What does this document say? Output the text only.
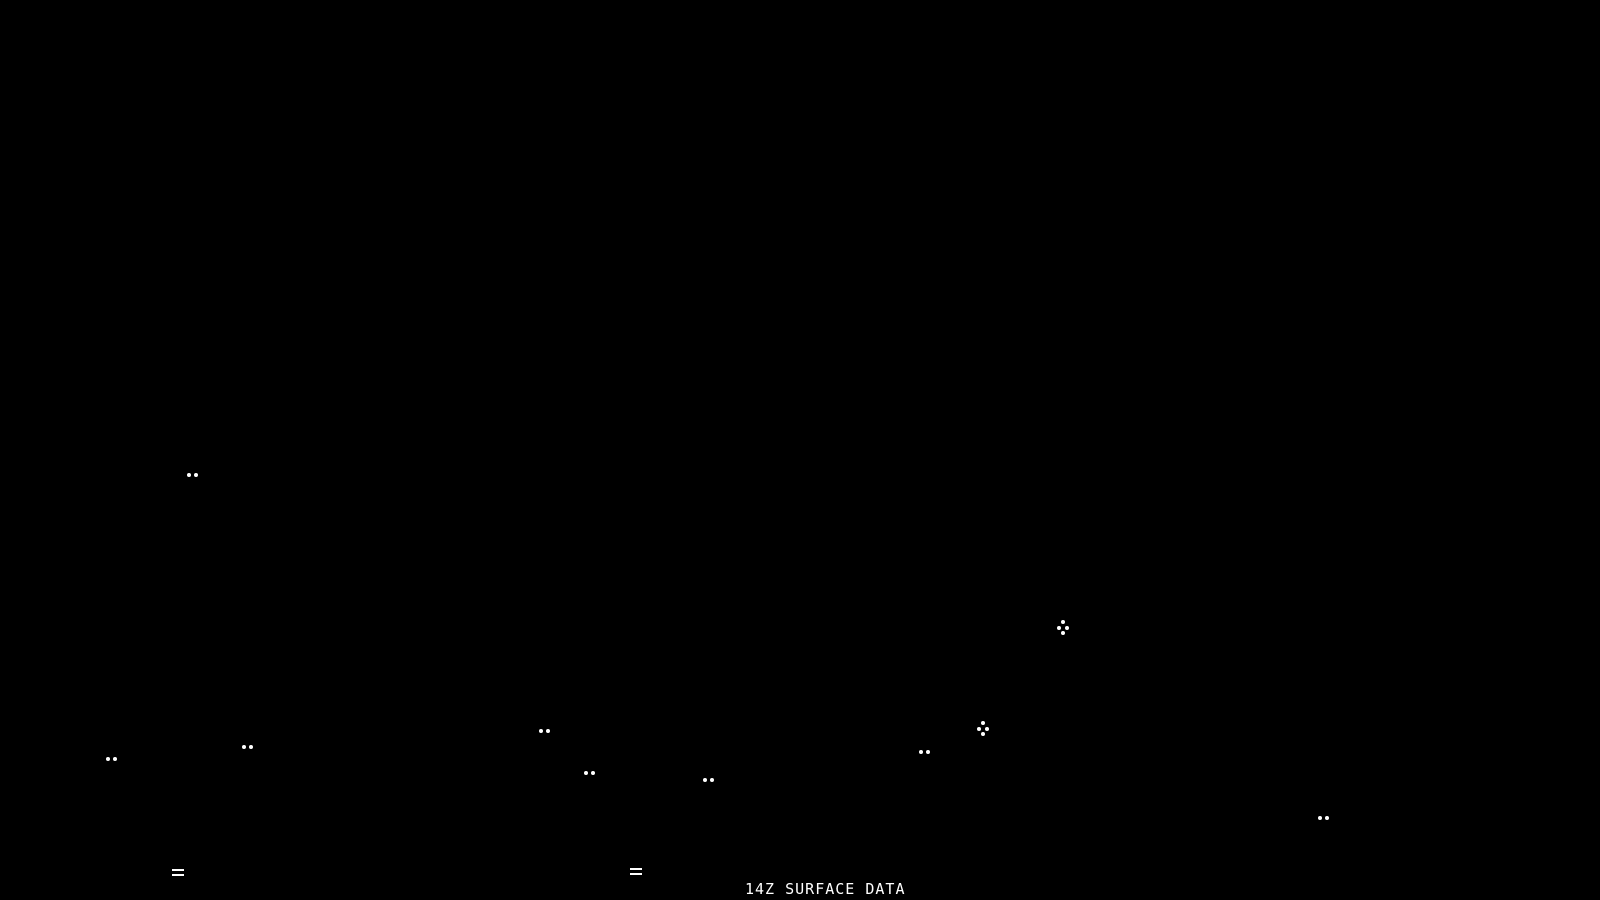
14Z SURFACE DATA
